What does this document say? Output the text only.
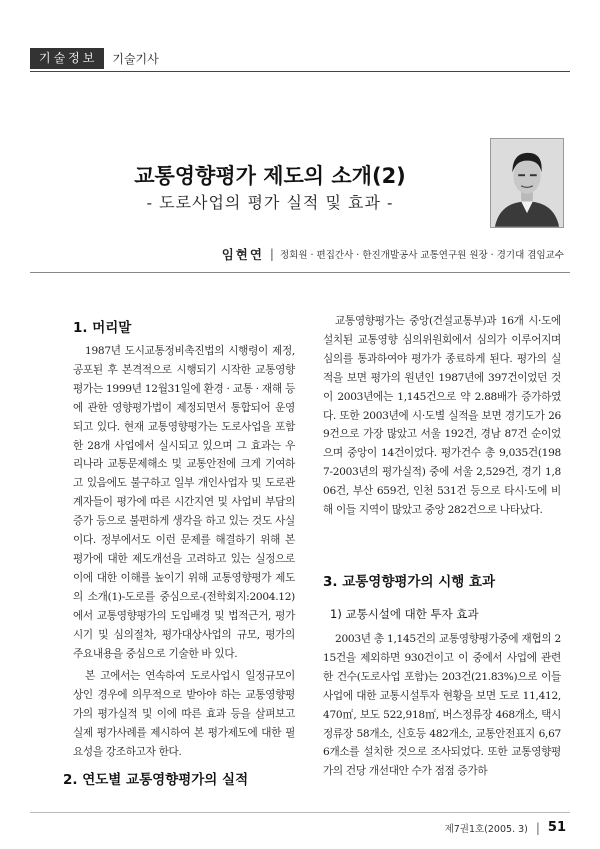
기술정보	기술기사
교통영향평가 제도의 소개(2)
- 도로사업의 평가 실적 및 효과 -
임현연 | 정회원 · 편집간사 · 한진개발공사 교통연구원 원장 · 경기대 겸임교수
1. 머리말

1987년 도시교통정비촉진법의 시행령이 제정, 공포된 후 본격적으로 시행되기 시작한 교통영향평가는 1999년 12월31일에 환경 · 교통 · 재해 등에 관한 영향평가법이 제정되면서 통합되어 운영되고 있다. 현재 교통영향평가는 도로사업을 포함한 28개 사업에서 실시되고 있으며 그 효과는 우리나라 교통문제해소 및 교통안전에 크게 기여하고 있음에도 불구하고 일부 개인사업자 및 도로관계자들이 평가에 따른 시간지연 및 사업비 부담의 증가 등으로 불편하게 생각을 하고 있는 것도 사실이다. 정부에서도 이런 문제를 해결하기 위해 본 평가에 대한 제도개선을 고려하고 있는 실정으로 이에 대한 이해를 높이기 위해 교통영향평가 제도의 소개(1)-도로를 중심으로-(전학회지:2004.12)에서 교통영향평가의 도입배경 및 법적근거, 평가시기 및 심의절차, 평가대상사업의 규모, 평가의 주요내용을 중심으로 기술한 바 있다.

본 고에서는 연속하여 도로사업시 일정규모이상인 경우에 의무적으로 받아야 하는 교통영향평가의 평가실적 및 이에 따른 효과 등을 살펴보고 실제 평가사례를 제시하여 본 평가제도에 대한 필요성을 강조하고자 한다.

2. 연도별 교통영향평가의 실적

교통영향평가는 중앙(건설교통부)과 16개 시·도에 설치된 교통영향 심의위원회에서 심의가 이루어지며 심의를 통과하여야 평가가 종료하게 된다. 평가의 실적을 보면 평가의 원년인 1987년에 397건이었던 것이 2003년에는 1,145건으로 약 2.88배가 증가하였다. 또한 2003년에 시·도별 실적을 보면 경기도가 269건으로 가장 많았고 서울 192건, 경남 87건 순이었으며 중앙이 14건이었다. 평가건수 총 9,035건(1987-2003년의 평가실적) 중에 서울 2,529건, 경기 1,806건, 부산 659건, 인천 531건 등으로 타시·도에 비해 이들 지역이 많았고 중앙 282건으로 나타났다.

3. 교통영향평가의 시행 효과
1) 교통시설에 대한 투자 효과

2003년 총 1,145건의 교통영향평가중에 재협의 215건을 제외하면 930건이고 이 중에서 사업에 관련한 건수(도로사업 포함)는 203건(21.83%)으로 이들 사업에 대한 교통시설투자 현황을 보면 도로 11,412,470㎡, 보도 522,918㎡, 버스정류장 468개소, 택시정류장 58개소, 신호등 482개소, 교통안전표지 6,676개소를 설치한 것으로 조사되었다. 또한 교통영향평가의 건당 개선대안 수가 점점 증가하

제7권1호(2005. 3) | 51
